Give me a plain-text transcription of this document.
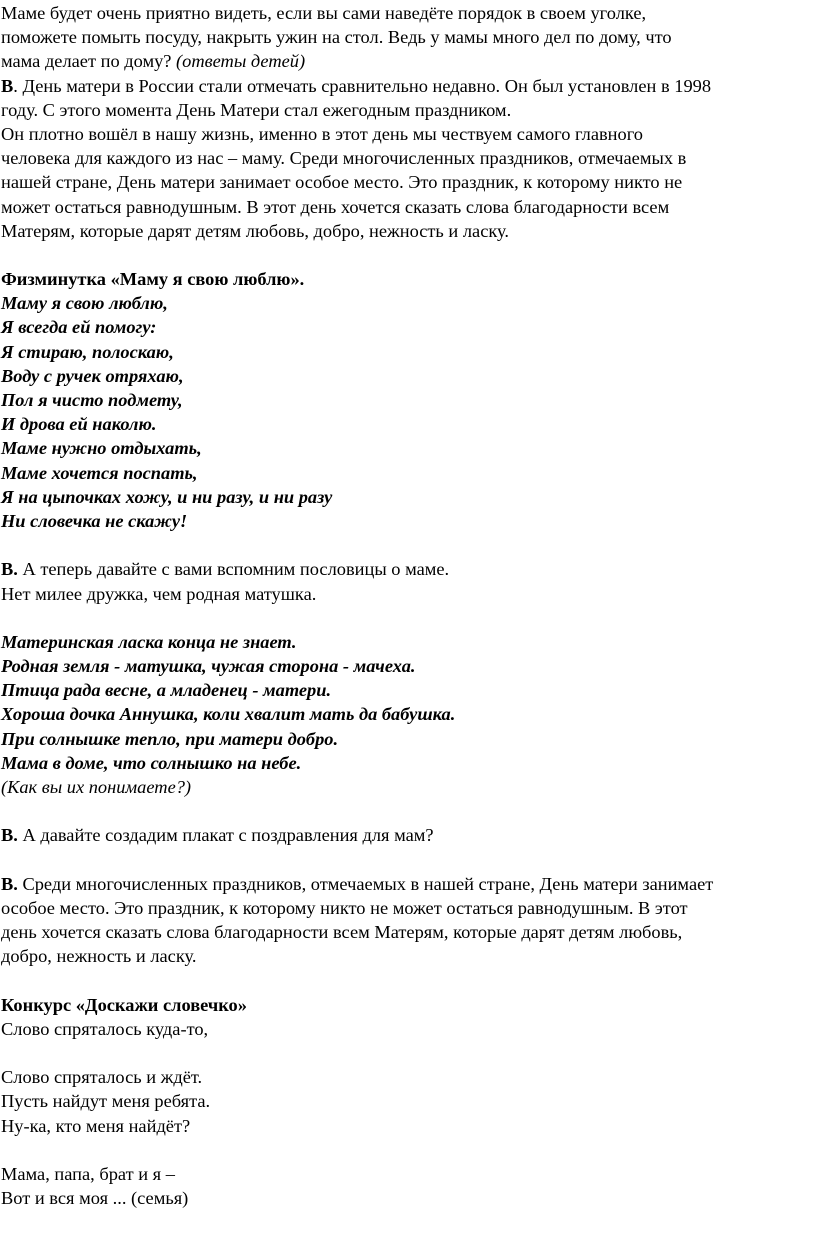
Маме будет очень приятно видеть, если вы сами наведёте порядок в своем уголке,
поможете помыть посуду, накрыть ужин на стол. Ведь у мамы много дел по дому, что
мама делает по дому? (ответы детей)
В. День матери в России стали отмечать сравнительно недавно. Он был установлен в 1998
году. С этого момента День Матери стал ежегодным праздником.
Он плотно вошёл в нашу жизнь, именно в этот день мы чествуем самого главного
человека для каждого из нас – маму. Среди многочисленных праздников, отмечаемых в
нашей стране, День матери занимает особое место. Это праздник, к которому никто не
может остаться равнодушным. В этот день хочется сказать слова благодарности всем
Матерям, которые дарят детям любовь, добро, нежность и ласку.
Физминутка «Маму я свою люблю».
Маму я свою люблю,
Я всегда ей помогу:
Я стираю, полоскаю,
Воду с ручек отряхаю,
Пол я чисто подмету,
И дрова ей наколю.
Маме нужно отдыхать,
Маме хочется поспать,
Я на цыпочках хожу, и ни разу, и ни разу
Ни словечка не скажу!
В. А теперь давайте с вами вспомним пословицы о маме.
Нет милее дружка, чем родная матушка.
Материнская ласка конца не знает.
Родная земля - матушка, чужая сторона - мачеха.
Птица рада весне, а младенец - матери.
Хороша дочка Аннушка, коли хвалит мать да бабушка.
При солнышке тепло, при матери добро.
Мама в доме, что солнышко на небе.
(Как вы их понимаете?)
В. А давайте создадим плакат с поздравления для мам?
В. Среди многочисленных праздников, отмечаемых в нашей стране, День матери занимает
особое место. Это праздник, к которому никто не может остаться равнодушным. В этот
день хочется сказать слова благодарности всем Матерям, которые дарят детям любовь,
добро, нежность и ласку.
Конкурс «Доскажи словечко»
Слово спряталось куда-то,
Слово спряталось и ждёт.
Пусть найдут меня ребята.
Ну-ка, кто меня найдёт?
Мама, папа, брат и я –
Вот и вся моя ... (семья)
